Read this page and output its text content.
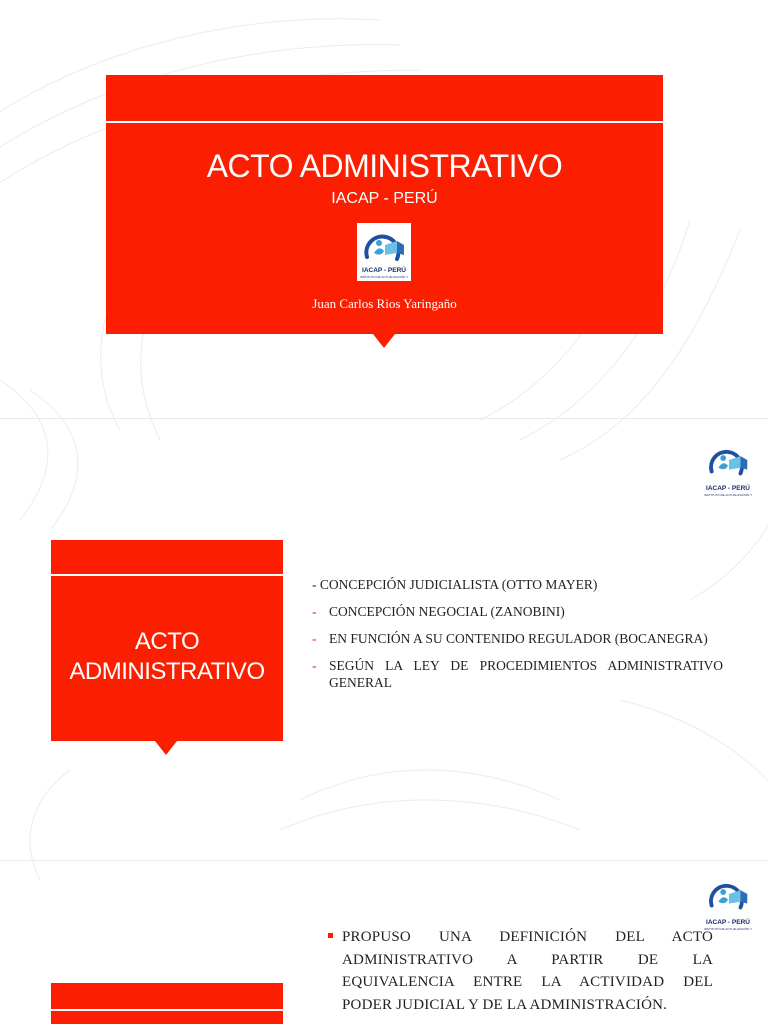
ACTO ADMINISTRATIVO
IACAP - PERÚ
IACAP - PERÚ
INSTITUTO DE ACTUALIZACIÓN Y
Juan Carlos Rios Yaringaño
IACAP - PERÚ
INSTITUTO DE ACTUALIZACIÓN Y
ACTO
ADMINISTRATIVO
- CONCEPCIÓN JUDICIALISTA (OTTO MAYER)
- CONCEPCIÓN NEGOCIAL (ZANOBINI)
- EN FUNCIÓN A SU CONTENIDO REGULADOR (BOCANEGRA)
- SEGÚN LA LEY DE PROCEDIMIENTOS ADMINISTRATIVO GENERAL
IACAP - PERÚ
INSTITUTO DE ACTUALIZACIÓN Y
PROPUSO UNA DEFINICIÓN DEL ACTO
ADMINISTRATIVO A PARTIR DE LA
EQUIVALENCIA ENTRE LA ACTIVIDAD DEL
PODER JUDICIAL Y DE LA ADMINISTRACIÓN.
